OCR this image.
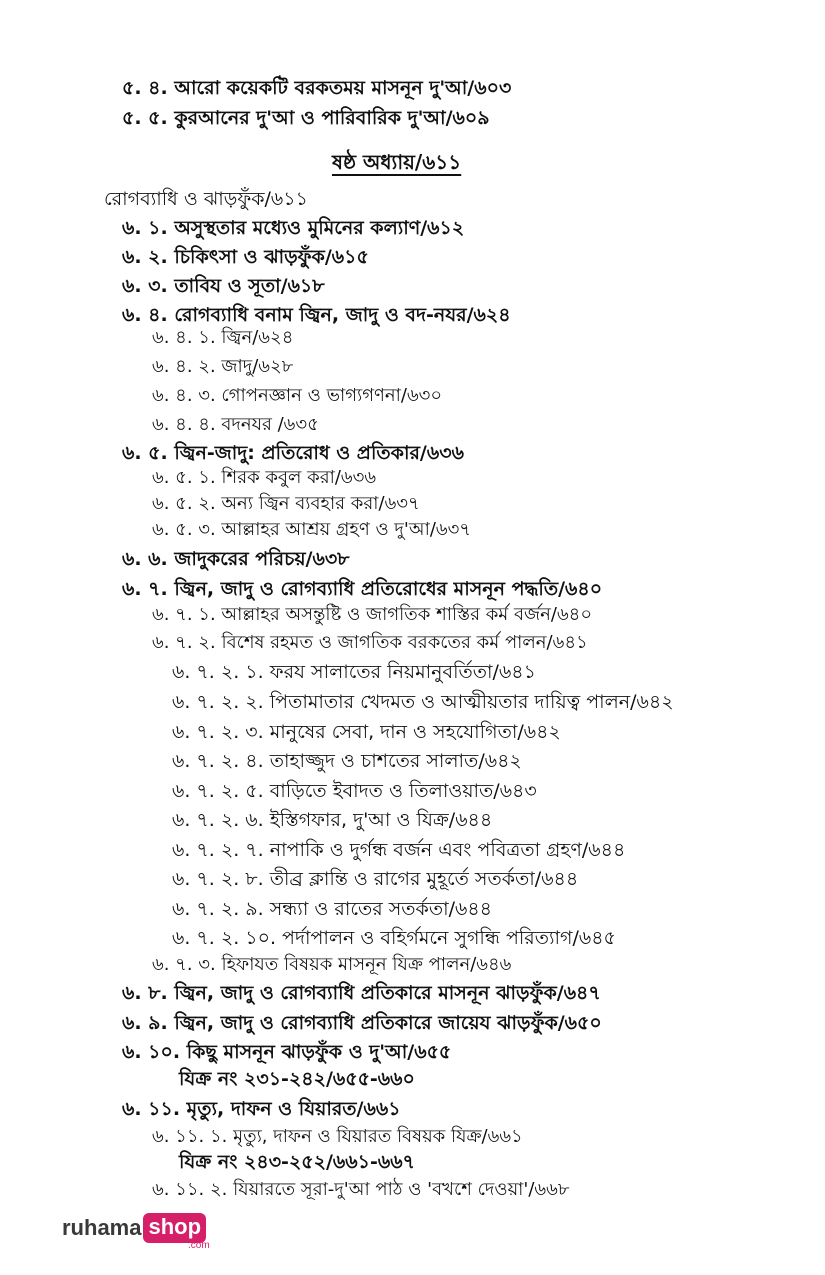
৫. ৪. আরো কয়েকটি বরকতময় মাসনূন দু'আ/৬০৩
৫. ৫. কুরআনের দু'আ ও পারিবারিক দু'আ/৬০৯
ষষ্ঠ অধ্যায়/৬১১
রোগব্যাধি ও ঝাড়ফুঁক/৬১১
৬. ১. অসুস্থতার মধ্যেও মুমিনের কল্যাণ/৬১২
৬. ২. চিকিৎসা ও ঝাড়ফুঁক/৬১৫
৬. ৩. তাবিয ও সূতা/৬১৮
৬. ৪. রোগব্যাধি বনাম জ্বিন, জাদু ও বদ-নযর/৬২৪
৬. ৪. ১. জ্বিন/৬২৪
৬. ৪. ২. জাদু/৬২৮
৬. ৪. ৩. গোপনজ্ঞান ও ভাগ্যগণনা/৬৩০
৬. ৪. ৪. বদনযর /৬৩৫
৬. ৫. জ্বিন-জাদু: প্রতিরোধ ও প্রতিকার/৬৩৬
৬. ৫. ১. শিরক কবুল করা/৬৩৬
৬. ৫. ২. অন্য জ্বিন ব্যবহার করা/৬৩৭
৬. ৫. ৩. আল্লাহর আশ্রয় গ্রহণ ও দু'আ/৬৩৭
৬. ৬. জাদুকরের পরিচয়/৬৩৮
৬. ৭. জ্বিন, জাদু ও রোগব্যাধি প্রতিরোধের মাসনূন পদ্ধতি/৬৪০
৬. ৭. ১. আল্লাহর অসন্তুষ্টি ও জাগতিক শাস্তির কর্ম বর্জন/৬৪০
৬. ৭. ২. বিশেষ রহমত ও জাগতিক বরকতের কর্ম পালন/৬৪১
৬. ৭. ২. ১. ফরয সালাতের নিয়মানুবর্তিতা/৬৪১
৬. ৭. ২. ২. পিতামাতার খেদমত ও আত্মীয়তার দায়িত্ব পালন/৬৪২
৬. ৭. ২. ৩. মানুষের সেবা, দান ও সহযোগিতা/৬৪২
৬. ৭. ২. ৪. তাহাজ্জুদ ও চাশতের সালাত/৬৪২
৬. ৭. ২. ৫. বাড়িতে ইবাদত ও তিলাওয়াত/৬৪৩
৬. ৭. ২. ৬. ইস্তিগফার, দু'আ ও যিক্র/৬৪৪
৬. ৭. ২. ৭. নাপাকি ও দুর্গন্ধ বর্জন এবং পবিত্রতা গ্রহণ/৬৪৪
৬. ৭. ২. ৮. তীব্র ক্লান্তি ও রাগের মুহূর্তে সতর্কতা/৬৪৪
৬. ৭. ২. ৯. সন্ধ্যা ও রাতের সতর্কতা/৬৪৪
৬. ৭. ২. ১০. পর্দাপালন ও বহির্গমনে সুগন্ধি পরিত্যাগ/৬৪৫
৬. ৭. ৩. হিফাযত বিষয়ক মাসনূন যিক্র পালন/৬৪৬
৬. ৮. জ্বিন, জাদু ও রোগব্যাধি প্রতিকারে মাসনূন ঝাড়ফুঁক/৬৪৭
৬. ৯. জ্বিন, জাদু ও রোগব্যাধি প্রতিকারে জায়েয ঝাড়ফুঁক/৬৫০
৬. ১০. কিছু মাসনূন ঝাড়ফুঁক ও দু'আ/৬৫৫
যিক্র নং ২৩১-২৪২/৬৫৫-৬৬০
৬. ১১. মৃত্যু, দাফন ও যিয়ারত/৬৬১
৬. ১১. ১. মৃত্যু, দাফন ও যিয়ারত বিষয়ক যিক্র/৬৬১
যিক্র নং ২৪৩-২৫২/৬৬১-৬৬৭
৬. ১১. ২. যিয়ারতে সূরা-দু'আ পাঠ ও 'বখশে দেওয়া'/৬৬৮
ruhama shop
.com
